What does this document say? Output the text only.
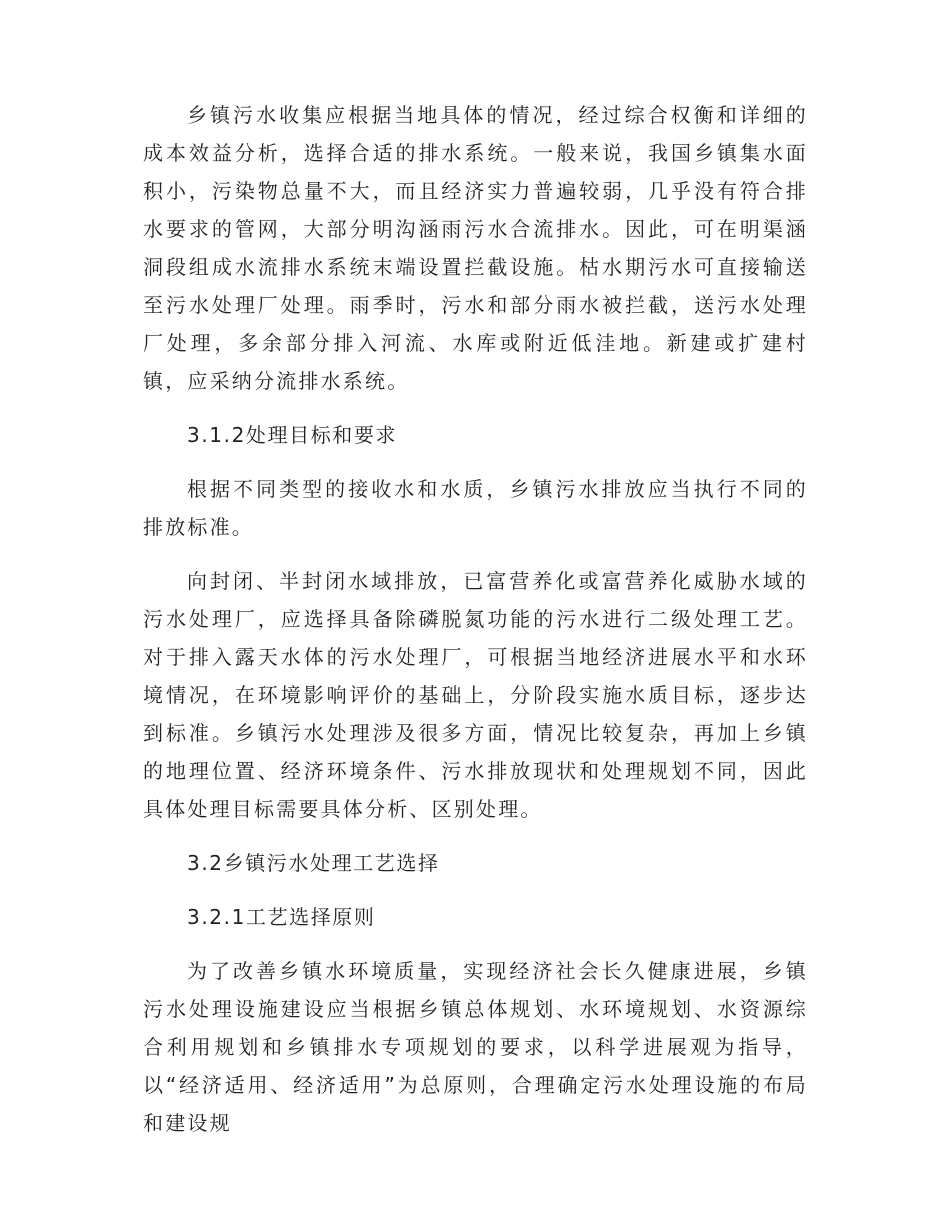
乡镇污水收集应根据当地具体的情况，经过综合权衡和详细的成本效益分析，选择合适的排水系统。一般来说，我国乡镇集水面积小，污染物总量不大，而且经济实力普遍较弱，几乎没有符合排水要求的管网，大部分明沟涵雨污水合流排水。因此，可在明渠涵洞段组成水流排水系统末端设置拦截设施。枯水期污水可直接输送至污水处理厂处理。雨季时，污水和部分雨水被拦截，送污水处理厂处理，多余部分排入河流、水库或附近低洼地。新建或扩建村镇，应采纳分流排水系统。

3.1.2处理目标和要求

根据不同类型的接收水和水质，乡镇污水排放应当执行不同的排放标准。

向封闭、半封闭水域排放，已富营养化或富营养化威胁水域的污水处理厂，应选择具备除磷脱氮功能的污水进行二级处理工艺。对于排入露天水体的污水处理厂，可根据当地经济进展水平和水环境情况，在环境影响评价的基础上，分阶段实施水质目标，逐步达到标准。乡镇污水处理涉及很多方面，情况比较复杂，再加上乡镇的地理位置、经济环境条件、污水排放现状和处理规划不同，因此具体处理目标需要具体分析、区别处理。

3.2乡镇污水处理工艺选择

3.2.1工艺选择原则

为了改善乡镇水环境质量，实现经济社会长久健康进展，乡镇污水处理设施建设应当根据乡镇总体规划、水环境规划、水资源综合利用规划和乡镇排水专项规划的要求，以科学进展观为指导，以“经济适用、经济适用”为总原则，合理确定污水处理设施的布局和建设规
